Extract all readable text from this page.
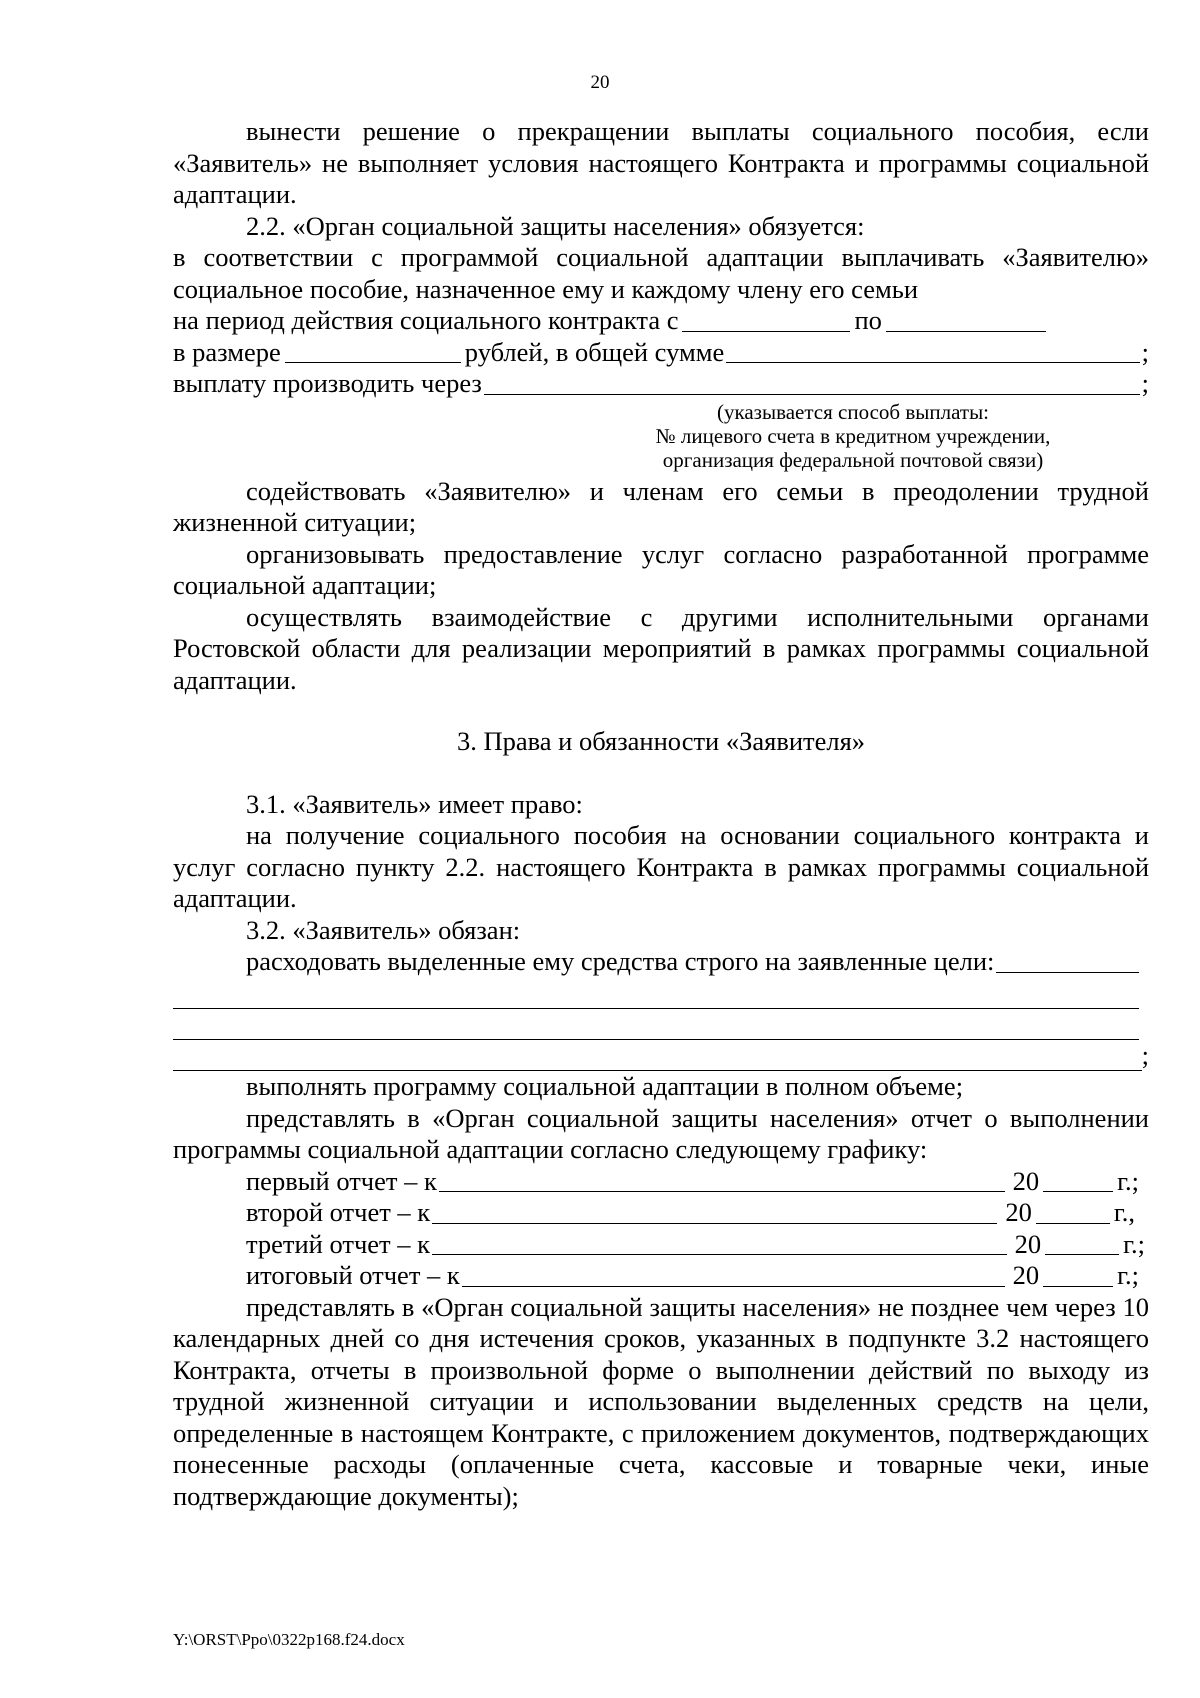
20
вынести решение о прекращении выплаты социального пособия, если «Заявитель» не выполняет условия настоящего Контракта и программы социальной адаптации.
2.2. «Орган социальной защиты населения» обязуется:
в соответствии с программой социальной адаптации выплачивать «Заявителю»
социальное пособие, назначенное ему и каждому члену его семьи
на период действия социального контракта с	по
в размере	рублей, в общей сумме	;
выплату производить через	;
(указывается способ выплаты:
№ лицевого счета в кредитном учреждении,
организация федеральной почтовой связи)
содействовать «Заявителю» и членам его семьи в преодолении трудной жизненной ситуации;
организовывать предоставление услуг согласно разработанной программе социальной адаптации;
осуществлять взаимодействие с другими исполнительными органами Ростовской области для реализации мероприятий в рамках программы социальной адаптации.
3. Права и обязанности «Заявителя»
3.1. «Заявитель» имеет право:
на получение социального пособия на основании социального контракта и услуг согласно пункту 2.2. настоящего Контракта в рамках программы социальной адаптации.
3.2. «Заявитель» обязан:
расходовать выделенные ему средства строго на заявленные цели:
;
выполнять программу социальной адаптации в полном объеме;
представлять в «Орган социальной защиты населения» отчет о выполнении программы социальной адаптации согласно следующему графику:
первый отчет – к	20	г.;
второй отчет – к	20	г.,
третий отчет – к	20	г.;
итоговый отчет – к	20	г.;
представлять в «Орган социальной защиты населения» не позднее чем через 10 календарных дней со дня истечения сроков, указанных в подпункте 3.2 настоящего Контракта, отчеты в произвольной форме о выполнении действий по выходу из трудной жизненной ситуации и использовании выделенных средств на цели, определенные в настоящем Контракте, с приложением документов, подтверждающих понесенные расходы (оплаченные счета, кассовые и товарные чеки, иные подтверждающие документы);
Y:\ORST\Ppo\0322p168.f24.docx
